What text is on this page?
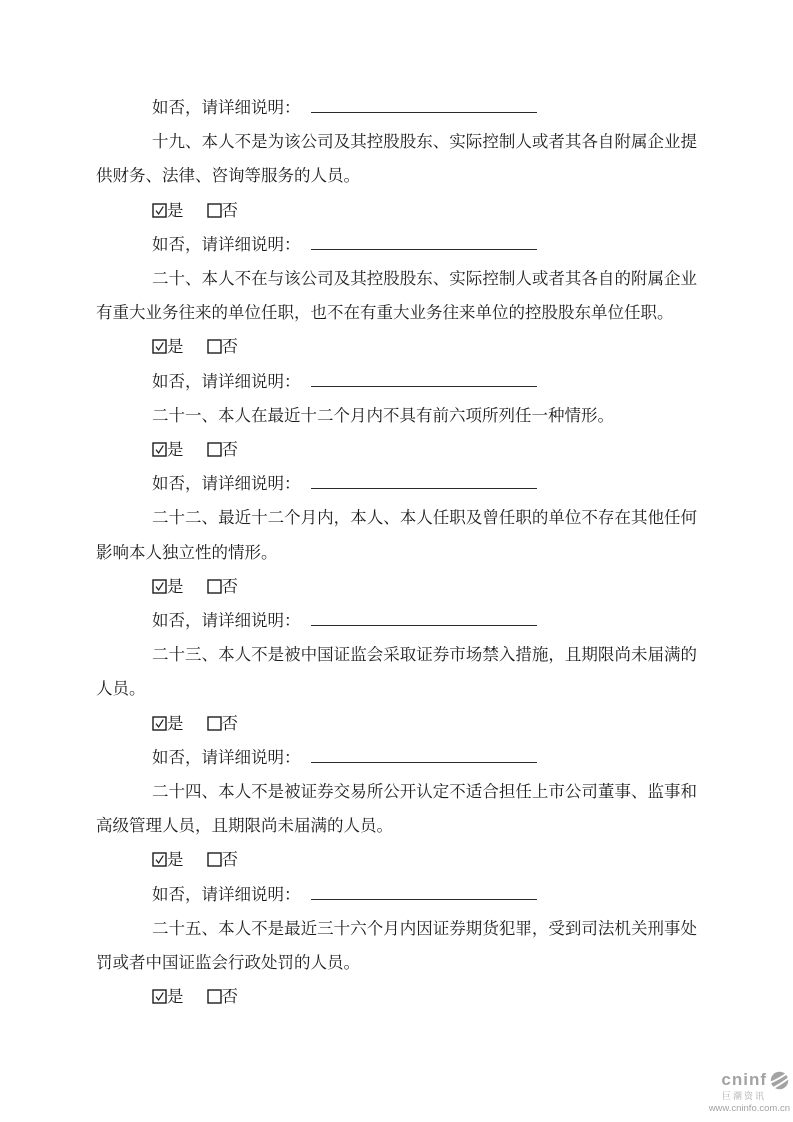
如否，请详细说明：

十九、本人不是为该公司及其控股股东、实际控制人或者其各自附属企业提供财务、法律、咨询等服务的人员。

是 否
如否，请详细说明：

二十、本人不在与该公司及其控股股东、实际控制人或者其各自的附属企业有重大业务往来的单位任职，也不在有重大业务往来单位的控股股东单位任职。

是 否
如否，请详细说明：

二十一、本人在最近十二个月内不具有前六项所列任一种情形。

是 否
如否，请详细说明：

二十二、最近十二个月内，本人、本人任职及曾任职的单位不存在其他任何影响本人独立性的情形。

是 否
如否，请详细说明：

二十三、本人不是被中国证监会采取证券市场禁入措施，且期限尚未届满的人员。

是 否
如否，请详细说明：

二十四、本人不是被证券交易所公开认定不适合担任上市公司董事、监事和高级管理人员，且期限尚未届满的人员。

是 否
如否，请详细说明：

二十五、本人不是最近三十六个月内因证券期货犯罪，受到司法机关刑事处罚或者中国证监会行政处罚的人员。

是 否
cninf
巨潮资讯
www.cninfo.com.cn
